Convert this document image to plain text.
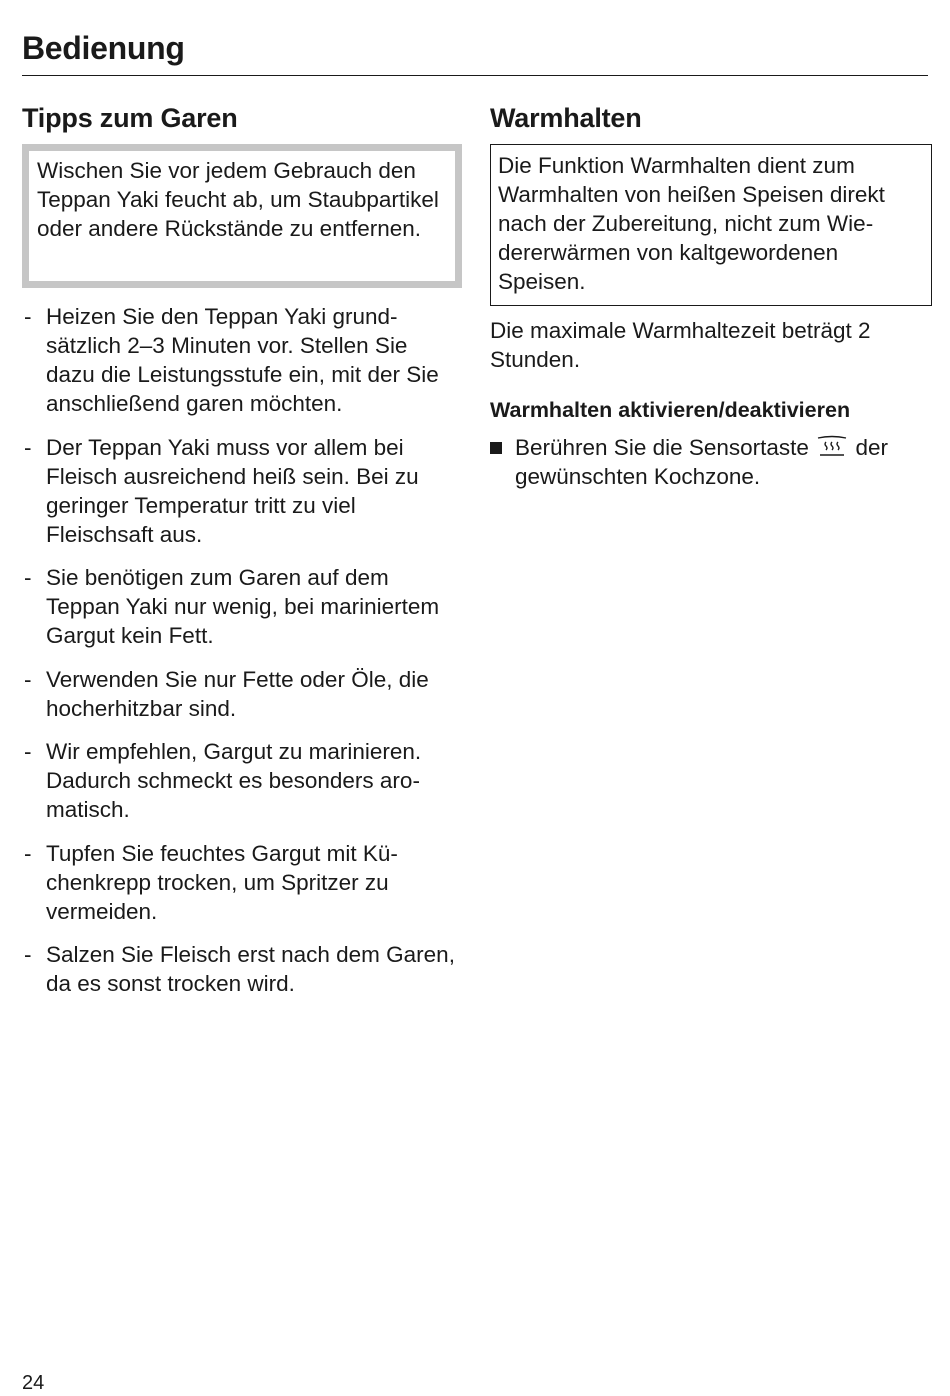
Bedienung
Tipps zum Garen
Wischen Sie vor jedem Gebrauch den Teppan Yaki feucht ab, um Staubpartikel oder andere Rückstände zu entfernen.
- Heizen Sie den Teppan Yaki grundsätzlich 2–3 Minuten vor. Stellen Sie dazu die Leistungsstufe ein, mit der Sie anschließend garen möchten.
- Der Teppan Yaki muss vor allem bei Fleisch ausreichend heiß sein. Bei zu geringer Temperatur tritt zu viel Fleischsaft aus.
- Sie benötigen zum Garen auf dem Teppan Yaki nur wenig, bei mariniertem Gargut kein Fett.
- Verwenden Sie nur Fette oder Öle, die hocherhitzbar sind.
- Wir empfehlen, Gargut zu marinieren. Dadurch schmeckt es besonders aromatisch.
- Tupfen Sie feuchtes Gargut mit Küchenkrepp trocken, um Spritzer zu vermeiden.
- Salzen Sie Fleisch erst nach dem Garen, da es sonst trocken wird.
Warmhalten
Die Funktion Warmhalten dient zum Warmhalten von heißen Speisen direkt nach der Zubereitung, nicht zum Wiedererwärmen von kaltgewordenen Speisen.

Die maximale Warmhaltezeit beträgt 2 Stunden.

Warmhalten aktivieren/deaktivieren
Berühren Sie die Sensortaste der gewünschten Kochzone.
24
